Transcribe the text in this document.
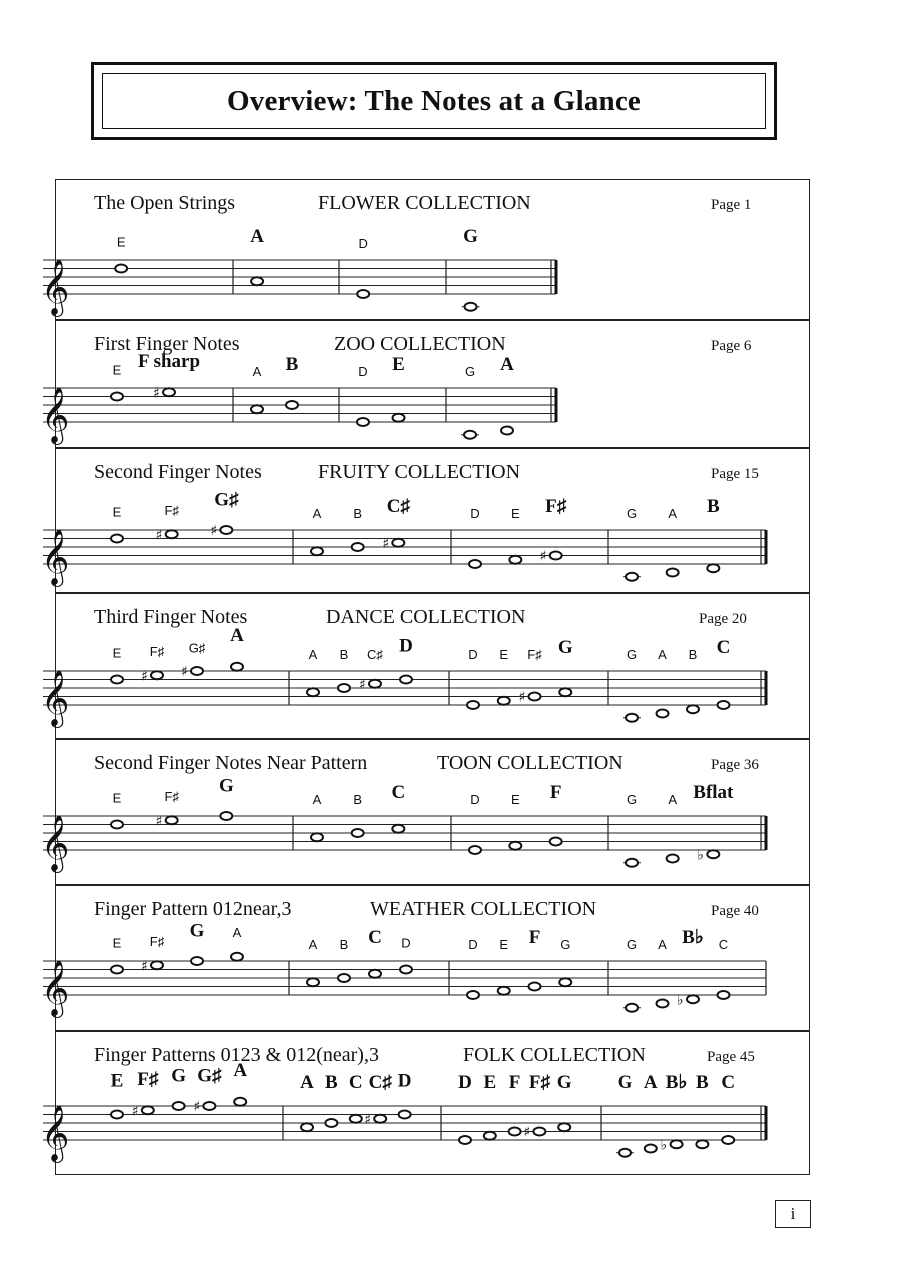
Overview: The Notes at a Glance
The Open Strings	FLOWER COLLECTION	Page 1
𝄞
E	A	D	G
First Finger Notes	ZOO COLLECTION	Page 6
𝄞
E
♯
F sharp	A B	D E	G A
Second Finger Notes	FRUITY COLLECTION	Page 15
𝄞
E
♯
F♯
♯
G♯
A B
♯
C♯	D E
♯
F♯	G A B
Third Finger Notes	DANCE COLLECTION	Page 20
𝄞
E
♯
F♯
♯
G♯
A
A B
♯
C♯ D	D E
♯
F♯ G	G A B C
Second Finger Notes Near Pattern	TOON COLLECTION	Page 36
𝄞
E
♯
F♯ G
A B C	D E F	G A
♭
Bflat
Finger Pattern 012near,3	WEATHER COLLECTION	Page 40
𝄞
E
♯
F♯ G A
A B C D	D E F G	G A
♭
B♭ C
Finger Patterns 0123 & 012(near),3	FOLK COLLECTION	Page 45
𝄞
E
♯
F♯ G
♯
G♯ A
A B C
♯
C♯ D D E F
♯
F♯ G G A
♭
B♭ B C
i
